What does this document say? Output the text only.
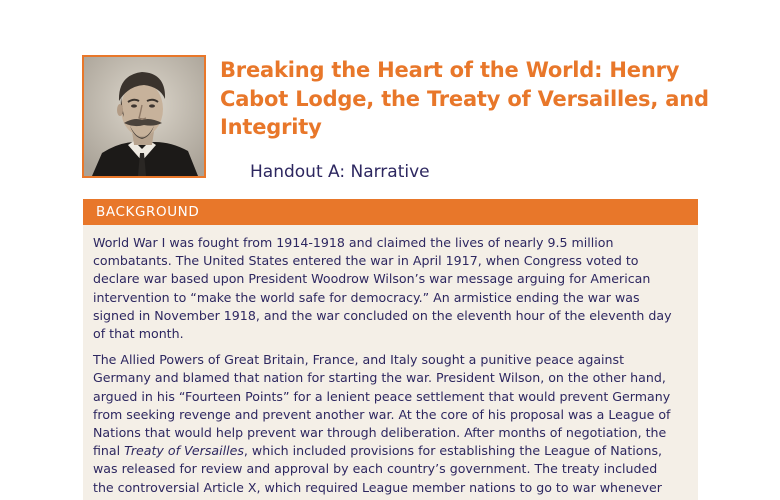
Breaking the Heart of the World: Henry
Cabot Lodge, the Treaty of Versailles, and
Integrity
Handout A: Narrative
BACKGROUND

World War I was fought from 1914-1918 and claimed the lives of nearly 9.5 million
combatants. The United States entered the war in April 1917, when Congress voted to
declare war based upon President Woodrow Wilson’s war message arguing for American
intervention to “make the world safe for democracy.” An armistice ending the war was
signed in November 1918, and the war concluded on the eleventh hour of the eleventh day
of that month.

The Allied Powers of Great Britain, France, and Italy sought a punitive peace against
Germany and blamed that nation for starting the war. President Wilson, on the other hand,
argued in his “Fourteen Points” for a lenient peace settlement that would prevent Germany
from seeking revenge and prevent another war. At the core of his proposal was a League of
Nations that would help prevent war through deliberation. After months of negotiation, the
final Treaty of Versailles, which included provisions for establishing the League of Nations,
was released for review and approval by each country’s government. The treaty included
the controversial Article X, which required League member nations to go to war whenever
